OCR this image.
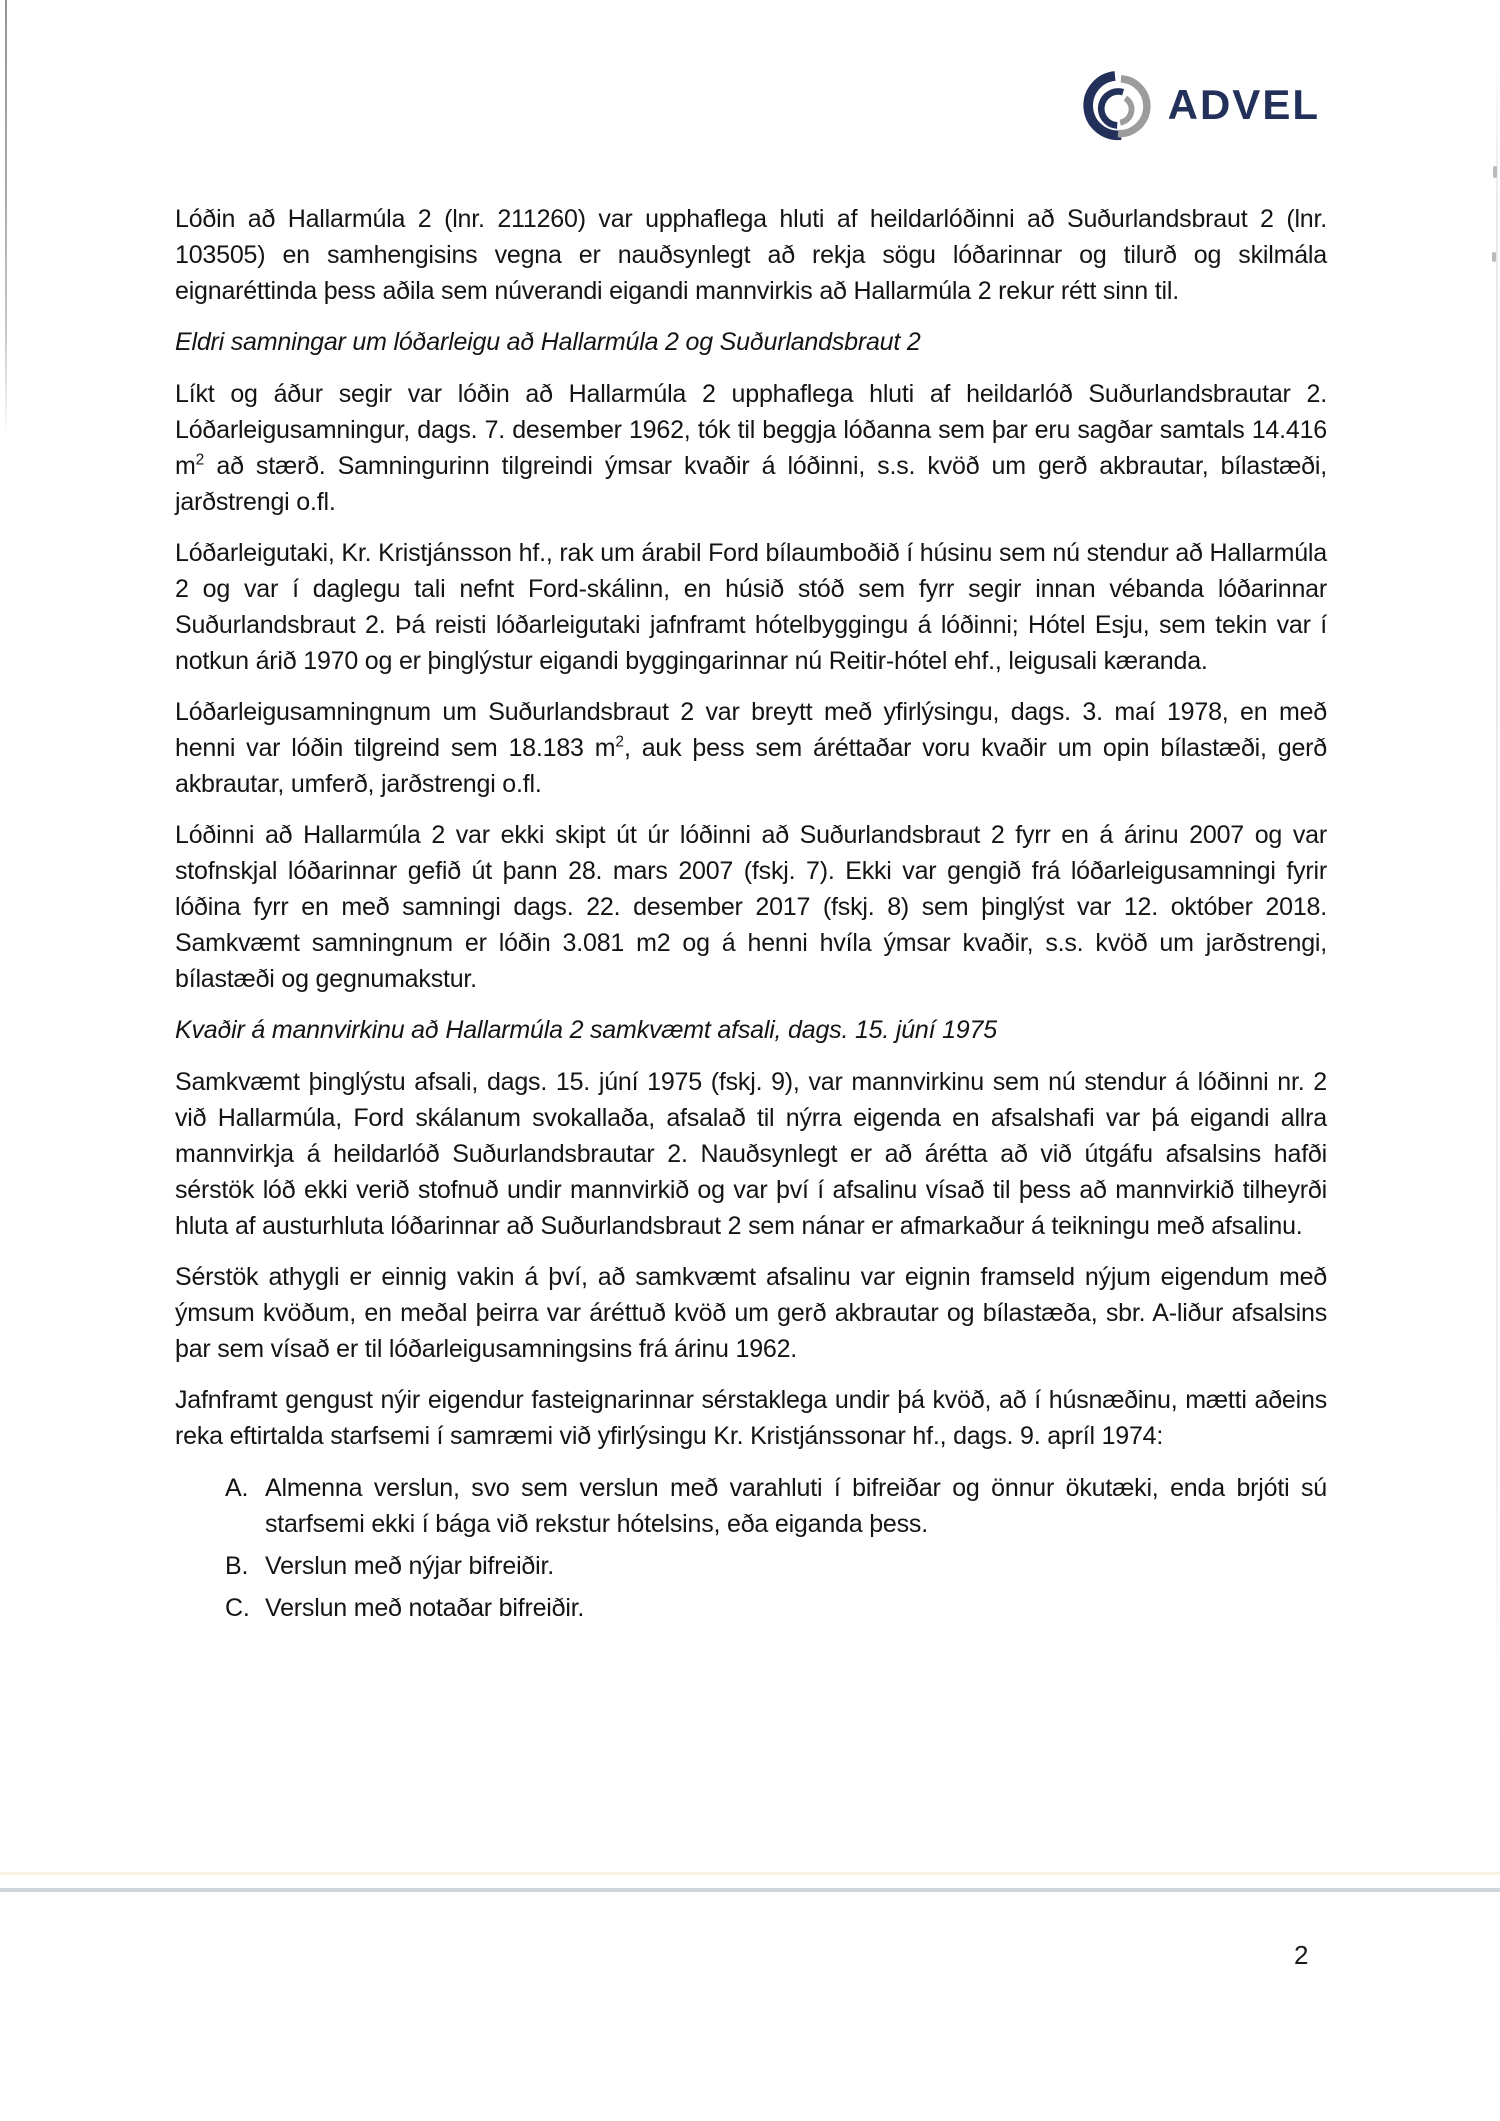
ADVEL

Lóðin að Hallarmúla 2 (lnr. 211260) var upphaflega hluti af heildarlóðinni að Suðurlandsbraut 2 (lnr. 103505) en samhengisins vegna er nauðsynlegt að rekja sögu lóðarinnar og tilurð og skilmála eignaréttinda þess aðila sem núverandi eigandi mannvirkis að Hallarmúla 2 rekur rétt sinn til.

Eldri samningar um lóðarleigu að Hallarmúla 2 og Suðurlandsbraut 2

Líkt og áður segir var lóðin að Hallarmúla 2 upphaflega hluti af heildarlóð Suðurlandsbrautar 2. Lóðarleigusamningur, dags. 7. desember 1962, tók til beggja lóðanna sem þar eru sagðar samtals 14.416 $m^2$ að stærð. Samningurinn tilgreindi ýmsar kvaðir á lóðinni, s.s. kvöð um gerð akbrautar, bílastæði, jarðstrengi o.fl.

Lóðarleigutaki, Kr. Kristjánsson hf., rak um árabil Ford bílaumboðið í húsinu sem nú stendur að Hallarmúla 2 og var í daglegu tali nefnt Ford-skálinn, en húsið stóð sem fyrr segir innan vébanda lóðarinnar Suðurlandsbraut 2. Þá reisti lóðarleigutaki jafnframt hótelbyggingu á lóðinni; Hótel Esju, sem tekin var í notkun árið 1970 og er þinglýstur eigandi byggingarinnar nú Reitir-hótel ehf., leigusali kæranda.

Lóðarleigusamningnum um Suðurlandsbraut 2 var breytt með yfirlýsingu, dags. 3. maí 1978, en með henni var lóðin tilgreind sem 18.183 $m^2$, auk þess sem áréttaðar voru kvaðir um opin bílastæði, gerð akbrautar, umferð, jarðstrengi o.fl.

Lóðinni að Hallarmúla 2 var ekki skipt út úr lóðinni að Suðurlandsbraut 2 fyrr en á árinu 2007 og var stofnskjal lóðarinnar gefið út þann 28. mars 2007 (fskj. 7). Ekki var gengið frá lóðarleigusamningi fyrir lóðina fyrr en með samningi dags. 22. desember 2017 (fskj. 8) sem þinglýst var 12. október 2018. Samkvæmt samningnum er lóðin 3.081 m2 og á henni hvíla ýmsar kvaðir, s.s. kvöð um jarðstrengi, bílastæði og gegnumakstur.

Kvaðir á mannvirkinu að Hallarmúla 2 samkvæmt afsali, dags. 15. júní 1975

Samkvæmt þinglýstu afsali, dags. 15. júní 1975 (fskj. 9), var mannvirkinu sem nú stendur á lóðinni nr. 2 við Hallarmúla, Ford skálanum svokallaða, afsalað til nýrra eigenda en afsalshafi var þá eigandi allra mannvirkja á heildarlóð Suðurlandsbrautar 2. Nauðsynlegt er að árétta að við útgáfu afsalsins hafði sérstök lóð ekki verið stofnuð undir mannvirkið og var því í afsalinu vísað til þess að mannvirkið tilheyrði hluta af austurhluta lóðarinnar að Suðurlandsbraut 2 sem nánar er afmarkaður á teikningu með afsalinu.

Sérstök athygli er einnig vakin á því, að samkvæmt afsalinu var eignin framseld nýjum eigendum með ýmsum kvöðum, en meðal þeirra var áréttuð kvöð um gerð akbrautar og bílastæða, sbr. A-liður afsalsins þar sem vísað er til lóðarleigusamningsins frá árinu 1962.

Jafnframt gengust nýir eigendur fasteignarinnar sérstaklega undir þá kvöð, að í húsnæðinu, mætti aðeins reka eftirtalda starfsemi í samræmi við yfirlýsingu Kr. Kristjánssonar hf., dags. 9. apríl 1974:

A. Almenna verslun, svo sem verslun með varahluti í bifreiðar og önnur ökutæki, enda brjóti sú starfsemi ekki í bága við rekstur hótelsins, eða eiganda þess.
B. Verslun með nýjar bifreiðir.
C. Verslun með notaðar bifreiðir.
2
